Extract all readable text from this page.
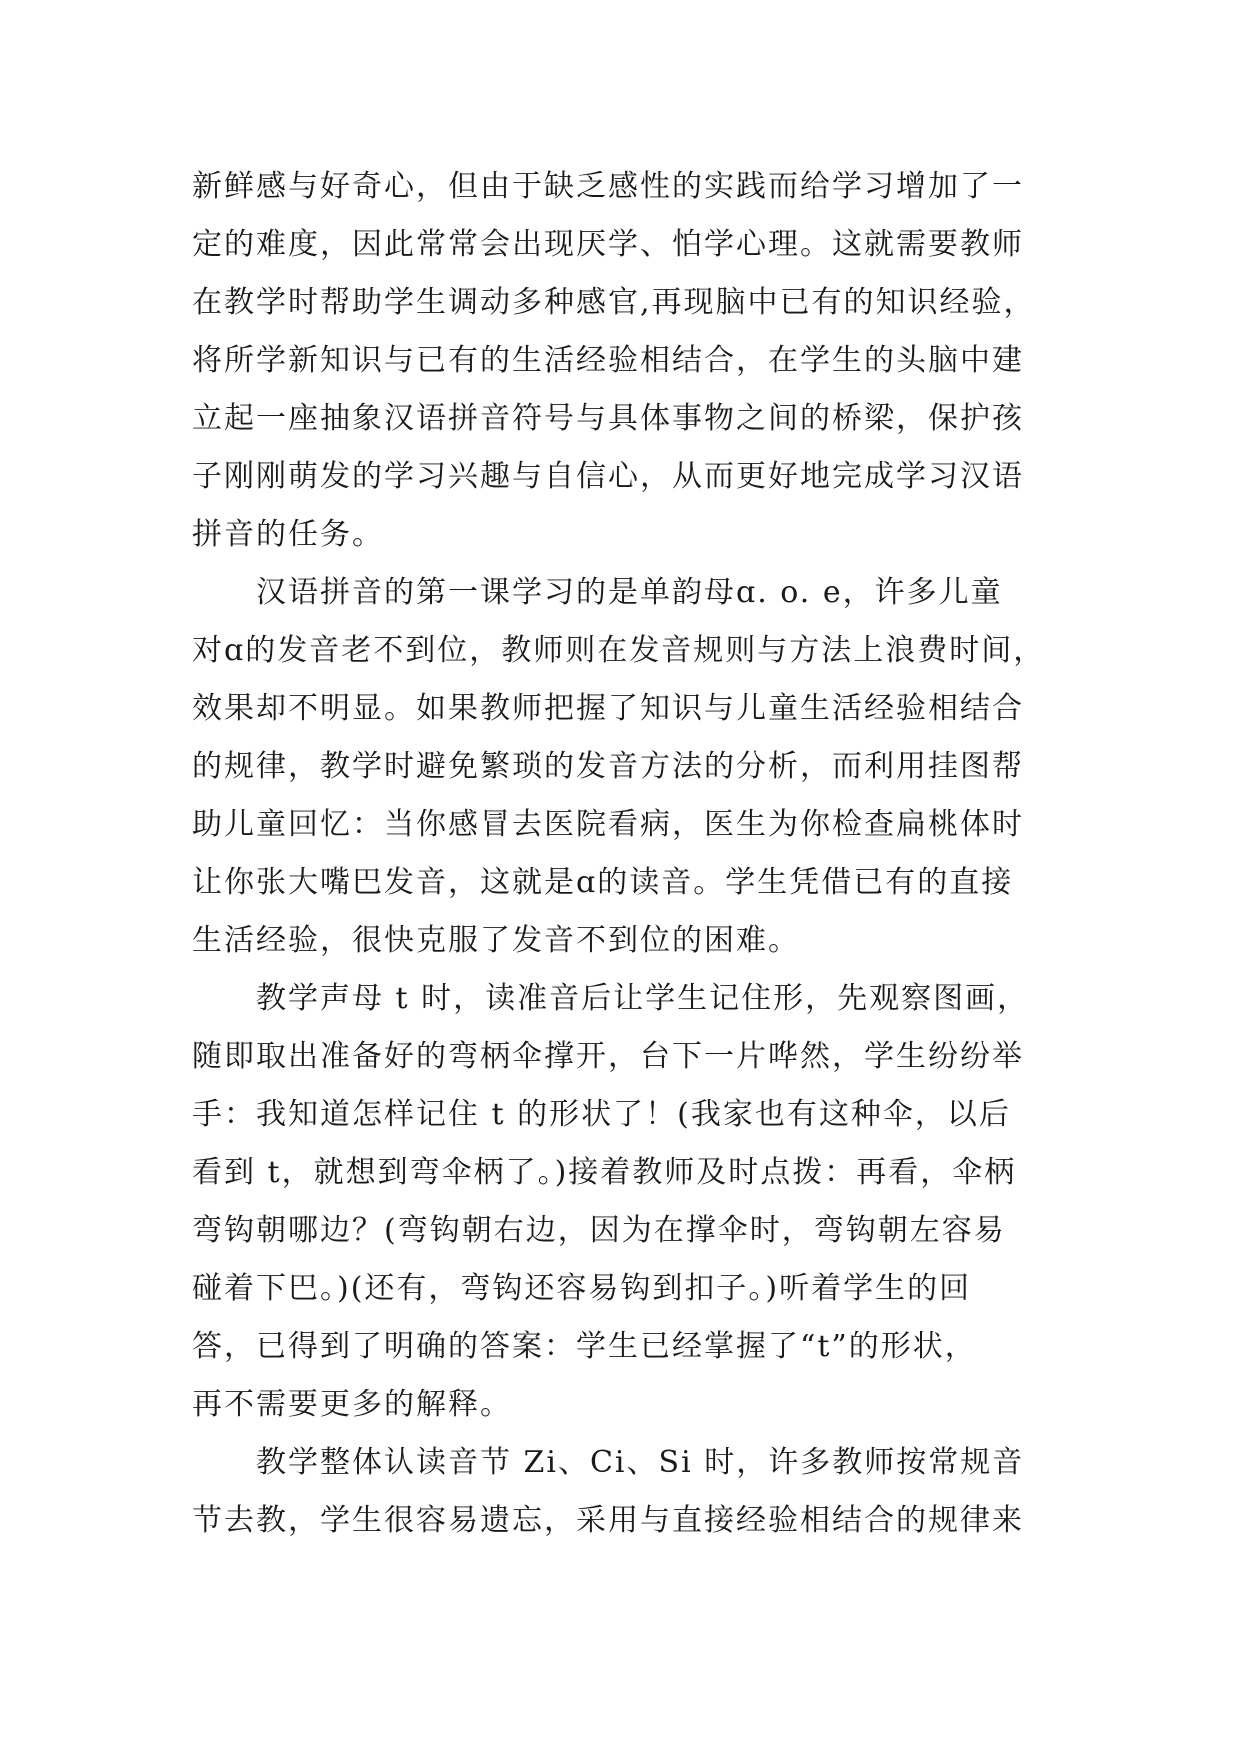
新鲜感与好奇心，但由于缺乏感性的实践而给学习增加了一
定的难度，因此常常会出现厌学、怕学心理。这就需要教师
在教学时帮助学生调动多种感官,再现脑中已有的知识经验，
将所学新知识与已有的生活经验相结合，在学生的头脑中建
立起一座抽象汉语拼音符号与具体事物之间的桥梁，保护孩
子刚刚萌发的学习兴趣与自信心，从而更好地完成学习汉语
拼音的任务。
　　汉语拼音的第一课学习的是单韵母ɑ. o. e，许多儿童
对ɑ的发音老不到位，教师则在发音规则与方法上浪费时间，
效果却不明显。如果教师把握了知识与儿童生活经验相结合
的规律，教学时避免繁琐的发音方法的分析，而利用挂图帮
助儿童回忆：当你感冒去医院看病，医生为你检查扁桃体时
让你张大嘴巴发音，这就是ɑ的读音。学生凭借已有的直接
生活经验，很快克服了发音不到位的困难。
　　教学声母 t 时，读准音后让学生记住形，先观察图画，
随即取出准备好的弯柄伞撑开，台下一片哗然，学生纷纷举
手：我知道怎样记住 t 的形状了！(我家也有这种伞，以后
看到 t，就想到弯伞柄了。)接着教师及时点拨：再看，伞柄
弯钩朝哪边？(弯钩朝右边，因为在撑伞时，弯钩朝左容易
碰着下巴。)(还有，弯钩还容易钩到扣子。)听着学生的回
答，已得到了明确的答案：学生已经掌握了“t”的形状，
再不需要更多的解释。
　　教学整体认读音节 Zi、Ci、Si 时，许多教师按常规音
节去教，学生很容易遗忘，采用与直接经验相结合的规律来
